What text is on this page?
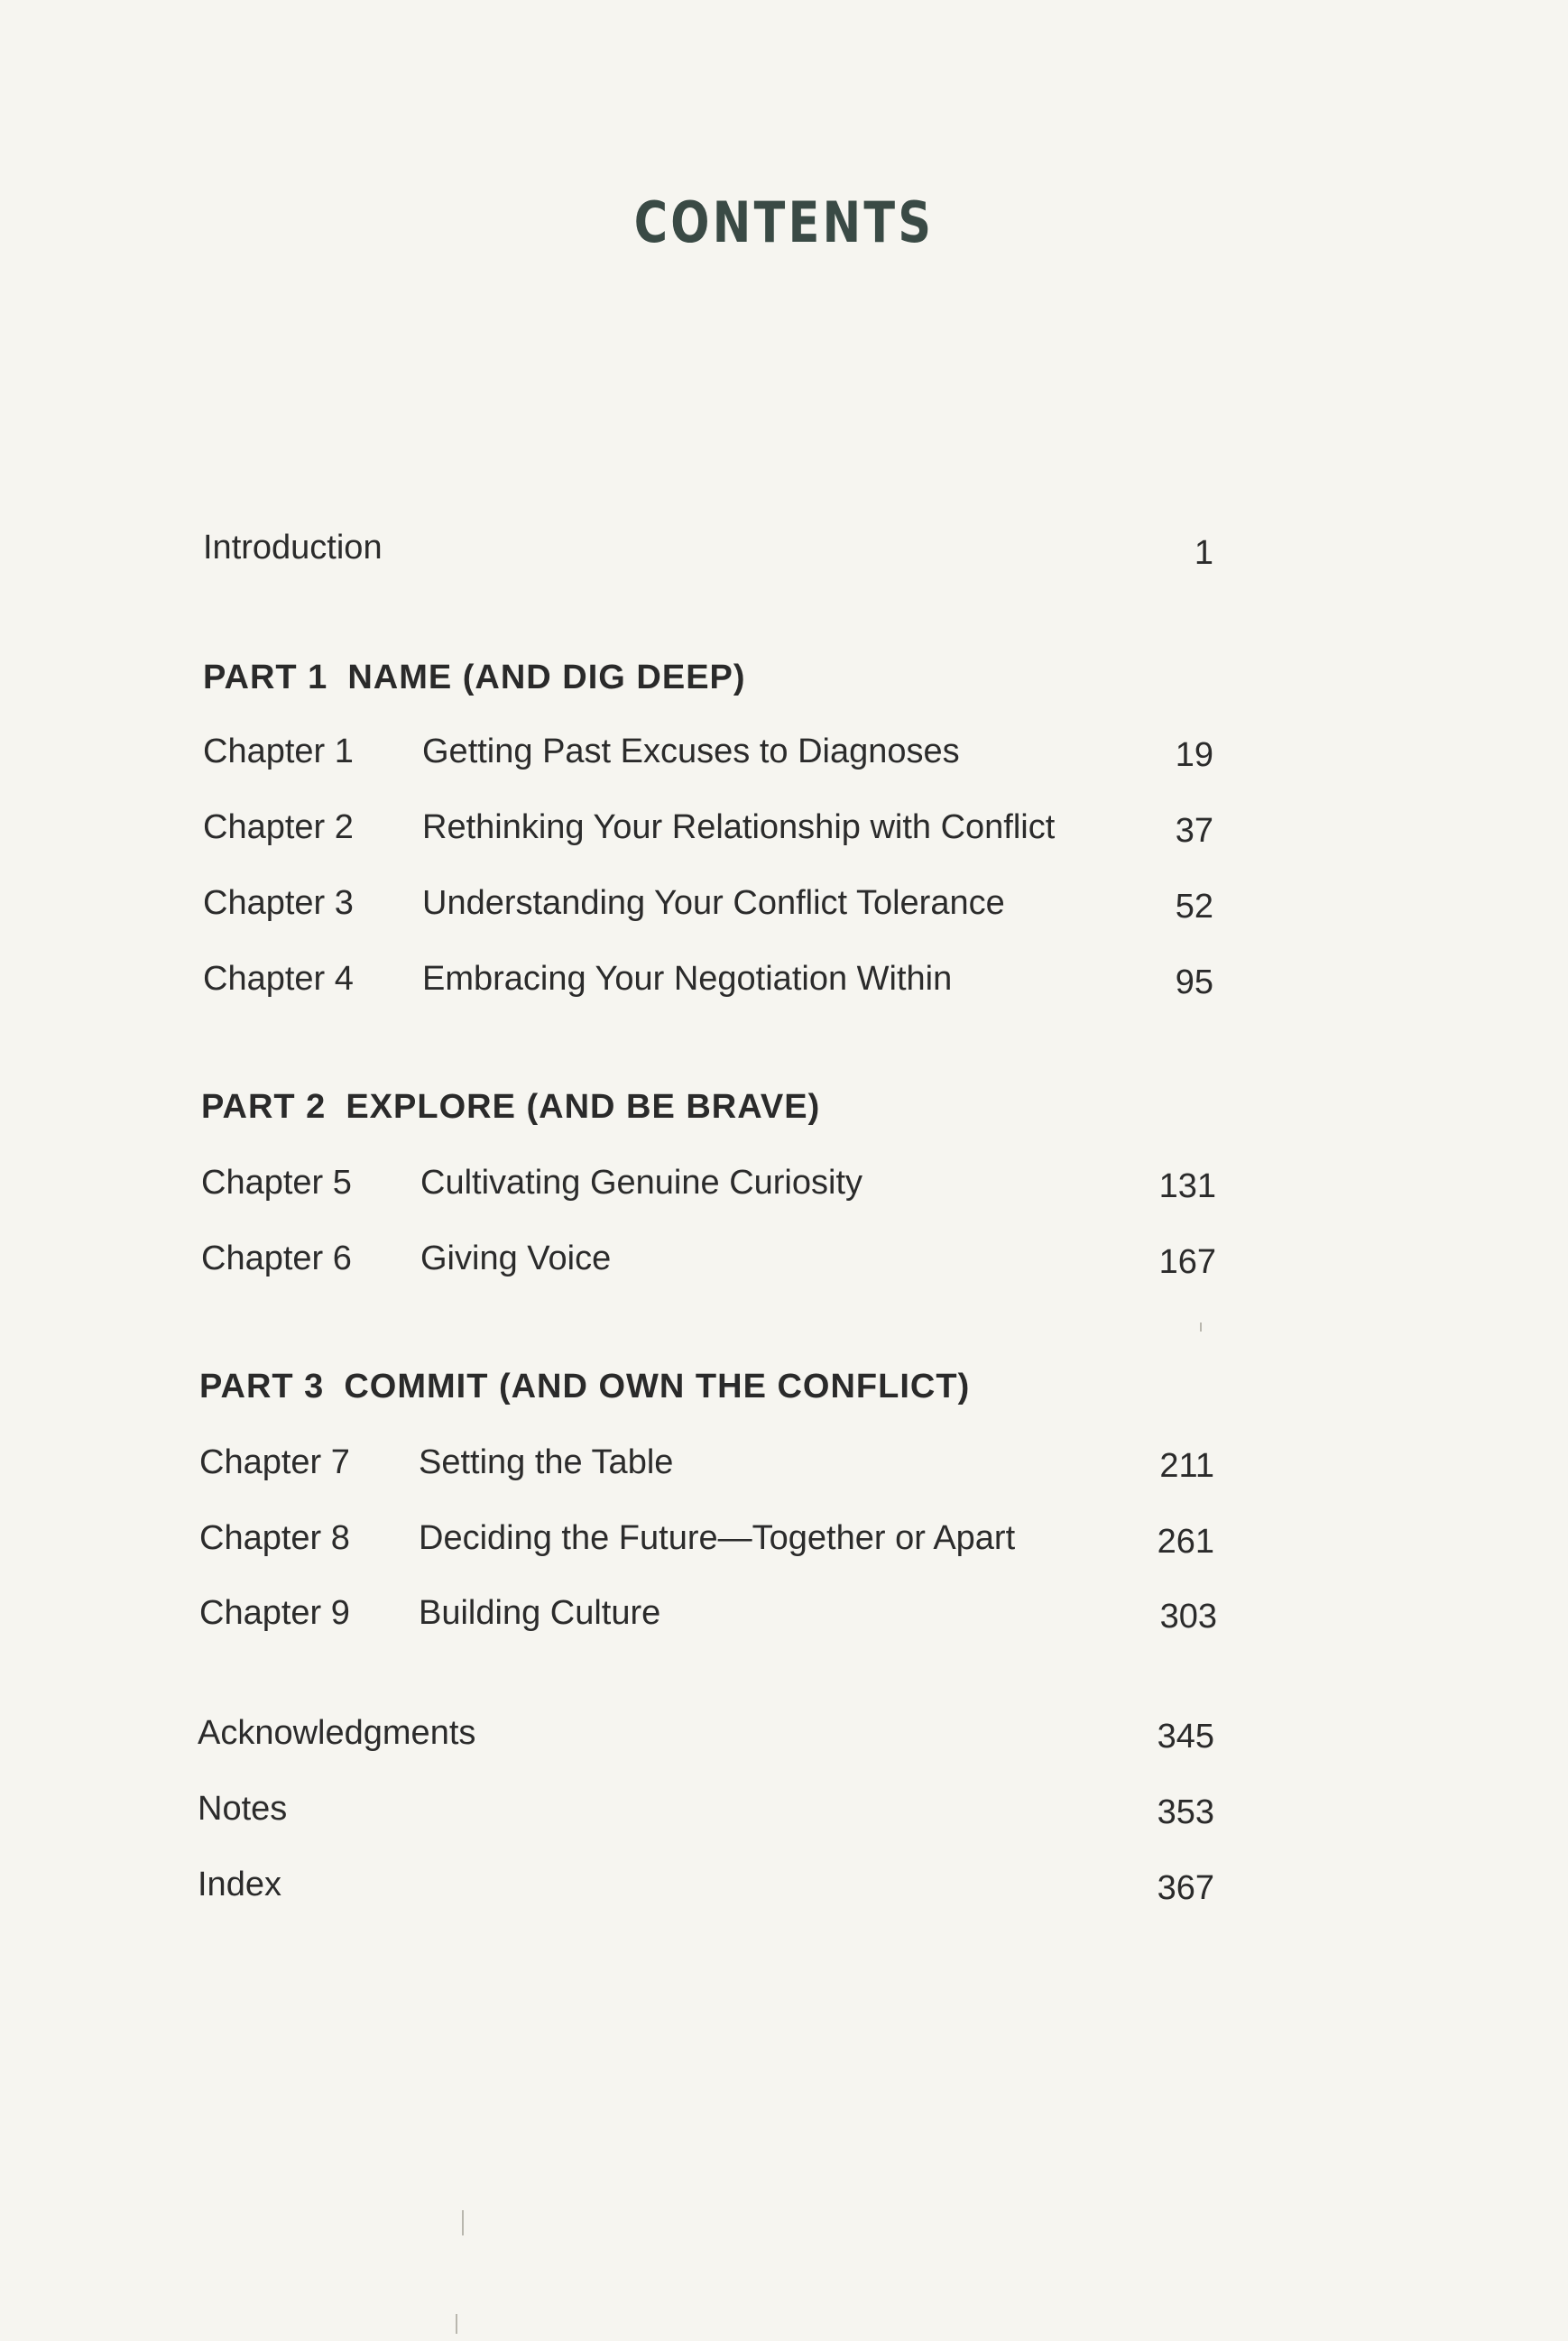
CONTENTS
Introduction	1
PART 1 NAME (AND DIG DEEP)
Chapter 1 Getting Past Excuses to Diagnoses	19
Chapter 2 Rethinking Your Relationship with Conflict	37
Chapter 3 Understanding Your Conflict Tolerance	52
Chapter 4 Embracing Your Negotiation Within	95
PART 2 EXPLORE (AND BE BRAVE)
Chapter 5 Cultivating Genuine Curiosity	131
Chapter 6 Giving Voice	167
PART 3 COMMIT (AND OWN THE CONFLICT)
Chapter 7 Setting the Table	211
Chapter 8 Deciding the Future—Together or Apart	261
Chapter 9 Building Culture	303
Acknowledgments	345
Notes	353
Index	367
